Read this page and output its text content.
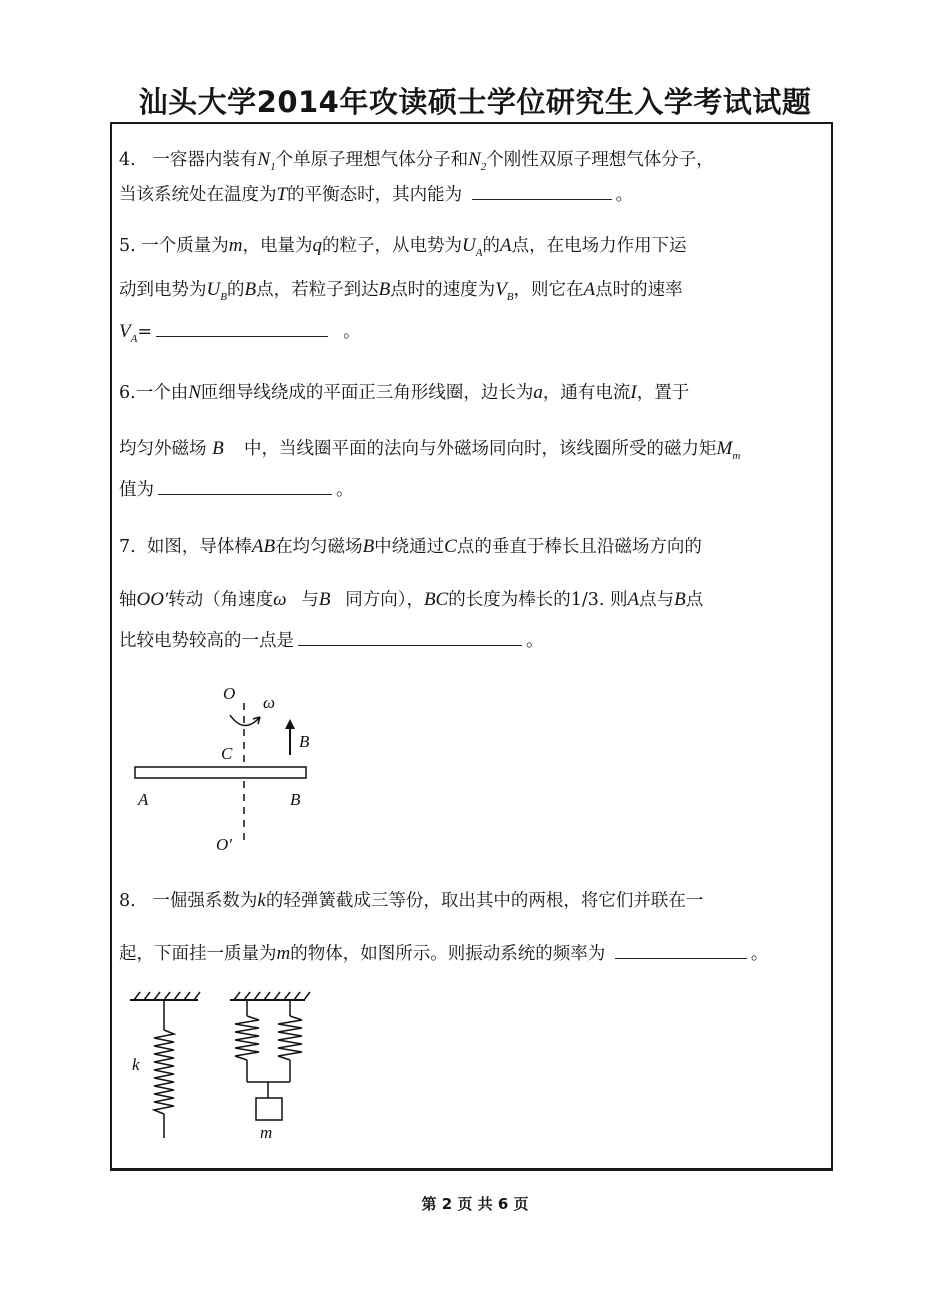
汕头大学2014年攻读硕士学位研究生入学考试试题
4. 一容器内装有$N_1$个单原子理想气体分子和$N_2$个刚性双原子理想气体分子，
当该系统处在温度为T的平衡态时，其内能为	。
5. 一个质量为m，电量为q的粒子，从电势为$U_A$的A点，在电场力作用下运
动到电势为$U_B$的B点，若粒子到达B点时的速度为$V_B$，则它在A点时的速率
$V_A=$	。
6.一个由N匝细导线绕成的平面正三角形线圈，边长为a，通有电流I，置于
均匀外磁场 B⃗ 中，当线圈平面的法向与外磁场同向时，该线圈所受的磁力矩$M_m$
值为	。
7. 如图，导体棒AB在均匀磁场B中绕通过C点的垂直于棒长且沿磁场方向的
轴OO′转动（角速度ω⃗与B⃗同方向），BC的长度为棒长的1/3. 则A点与B点
比较电势较高的一点是	。
O ω
B⃗
C
A	B
O′
8. 一倔强系数为k的轻弹簧截成三等份，取出其中的两根，将它们并联在一
起，下面挂一质量为m的物体，如图所示。则振动系统的频率为	。
k
m
第 2 页 共 6 页
